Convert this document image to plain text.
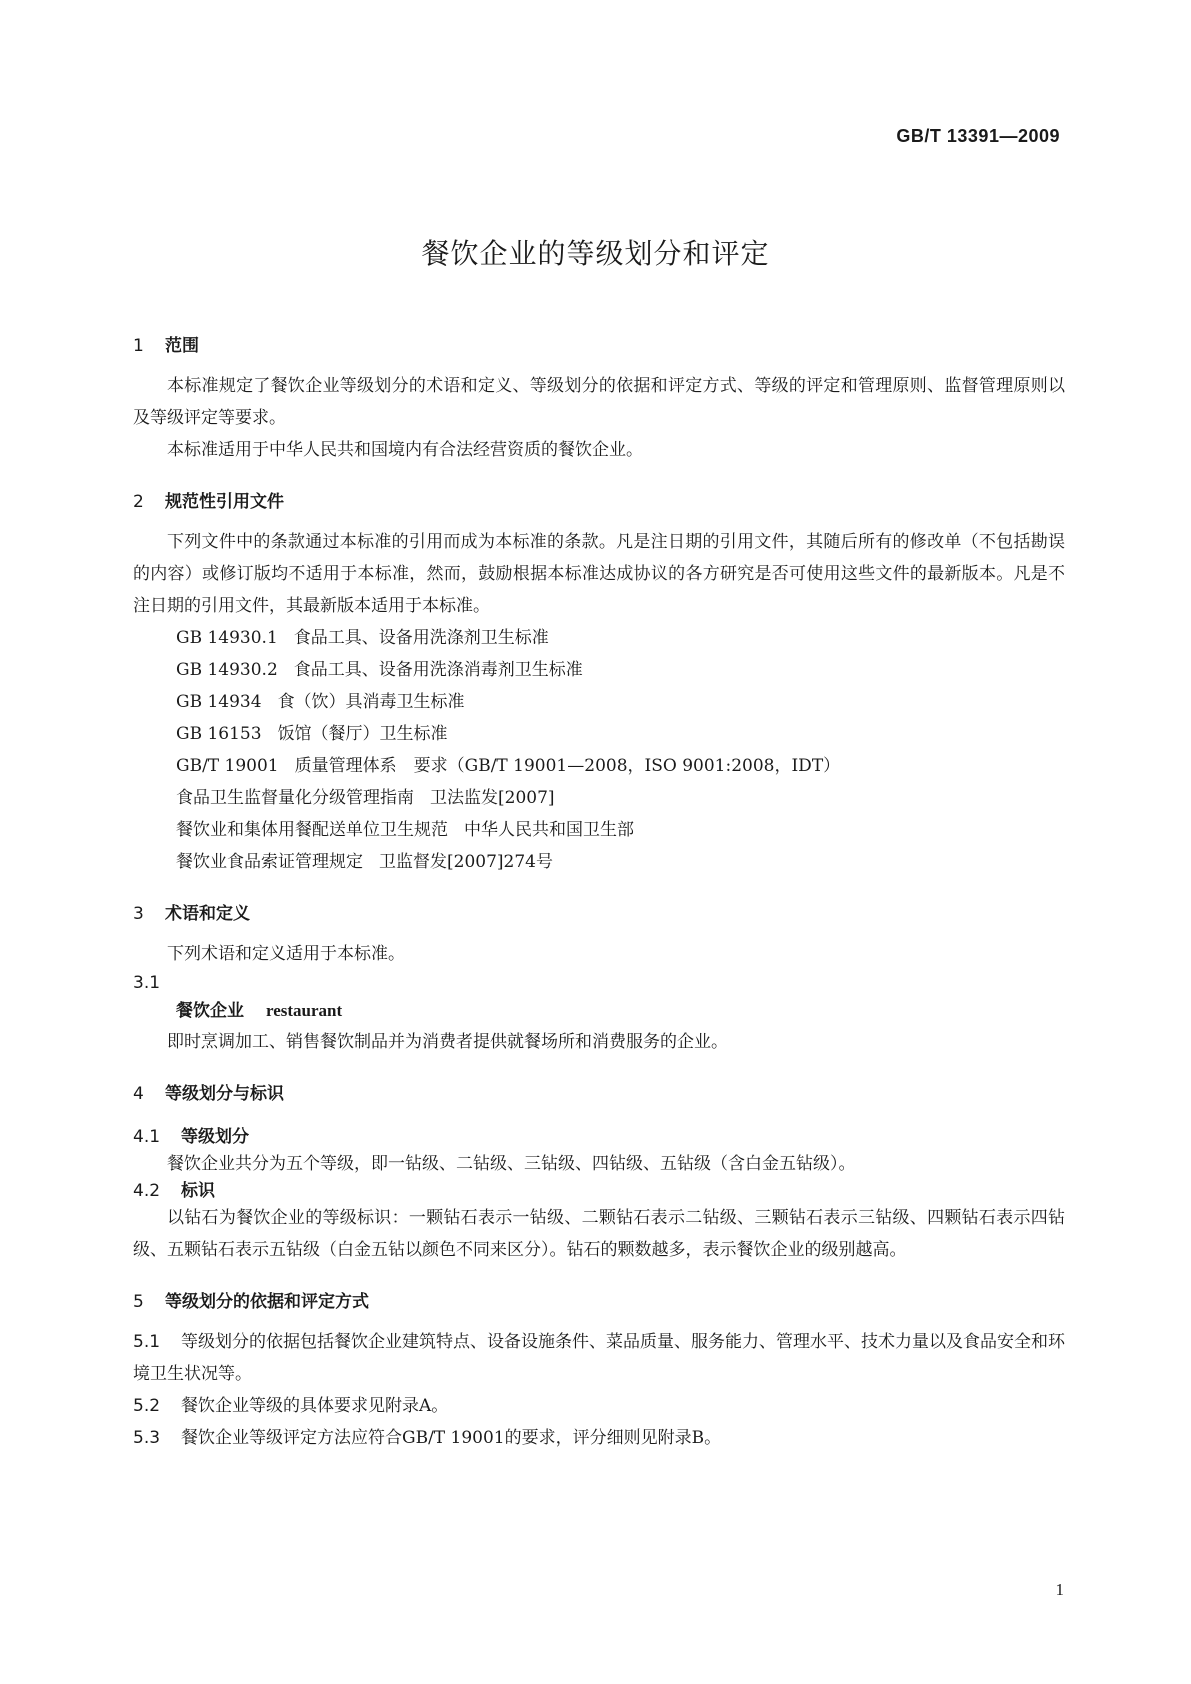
GB/T 13391—2009
餐饮企业的等级划分和评定
1 范围
本标准规定了餐饮企业等级划分的术语和定义、等级划分的依据和评定方式、等级的评定和管理原则、监督管理原则以及等级评定等要求。
本标准适用于中华人民共和国境内有合法经营资质的餐饮企业。
2 规范性引用文件
下列文件中的条款通过本标准的引用而成为本标准的条款。凡是注日期的引用文件，其随后所有的修改单（不包括勘误的内容）或修订版均不适用于本标准，然而，鼓励根据本标准达成协议的各方研究是否可使用这些文件的最新版本。凡是不注日期的引用文件，其最新版本适用于本标准。
GB 14930.1 食品工具、设备用洗涤剂卫生标准
GB 14930.2 食品工具、设备用洗涤消毒剂卫生标准
GB 14934 食（饮）具消毒卫生标准
GB 16153 饭馆（餐厅）卫生标准
GB/T 19001 质量管理体系　要求（GB/T 19001—2008，ISO 9001:2008，IDT）
食品卫生监督量化分级管理指南 卫法监发[2007]
餐饮业和集体用餐配送单位卫生规范 中华人民共和国卫生部
餐饮业食品索证管理规定 卫监督发[2007]274号
3 术语和定义
下列术语和定义适用于本标准。
3.1
餐饮企业 restaurant
即时烹调加工、销售餐饮制品并为消费者提供就餐场所和消费服务的企业。
4 等级划分与标识
4.1 等级划分
餐饮企业共分为五个等级，即一钻级、二钻级、三钻级、四钻级、五钻级（含白金五钻级）。
4.2 标识
以钻石为餐饮企业的等级标识：一颗钻石表示一钻级、二颗钻石表示二钻级、三颗钻石表示三钻级、四颗钻石表示四钻级、五颗钻石表示五钻级（白金五钻以颜色不同来区分）。钻石的颗数越多，表示餐饮企业的级别越高。
5 等级划分的依据和评定方式
5.1 等级划分的依据包括餐饮企业建筑特点、设备设施条件、菜品质量、服务能力、管理水平、技术力量以及食品安全和环境卫生状况等。
5.2 餐饮企业等级的具体要求见附录A。
5.3 餐饮企业等级评定方法应符合GB/T 19001的要求，评分细则见附录B。
1
